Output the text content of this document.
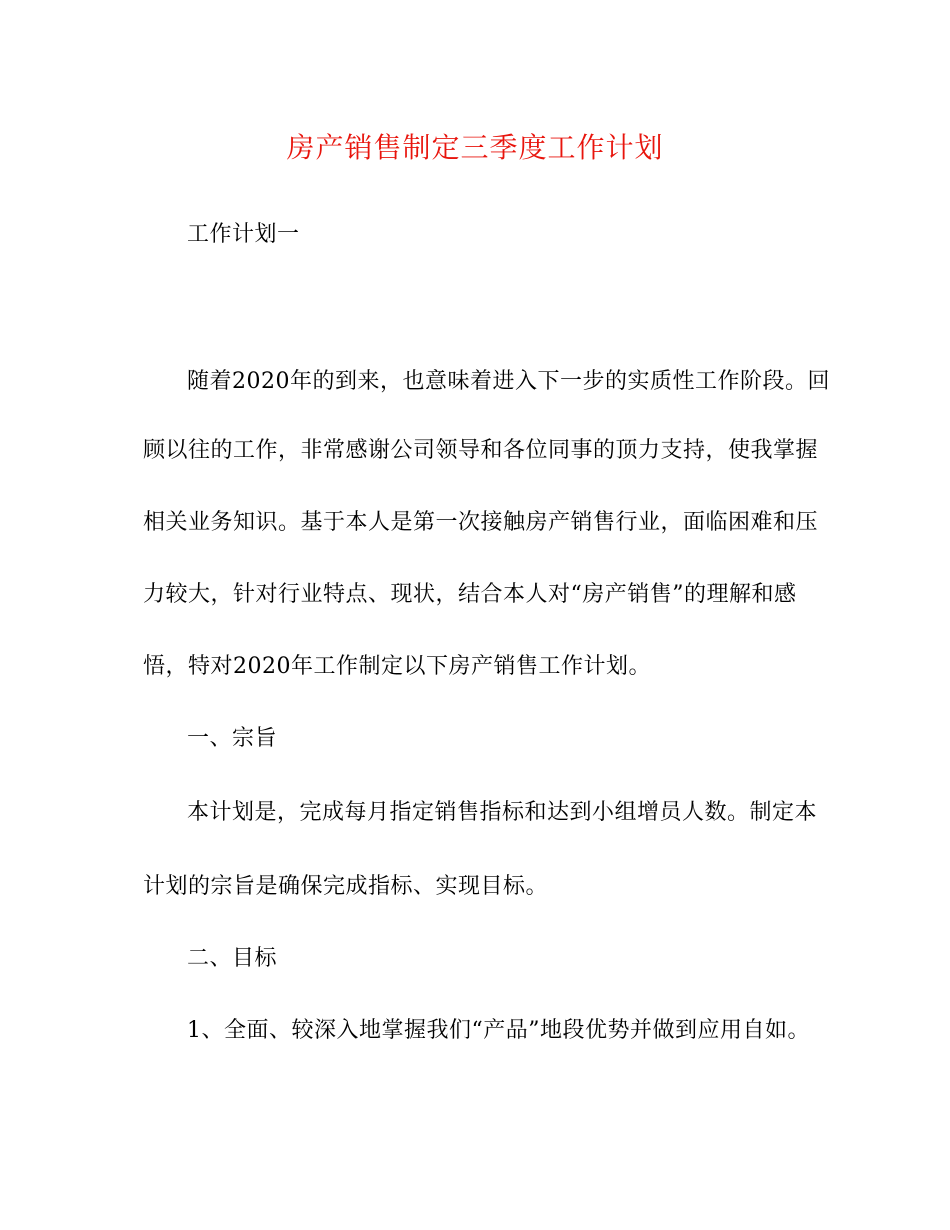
房产销售制定三季度工作计划
工作计划一
随着2020年的到来，也意味着进入下一步的实质性工作阶段。回
顾以往的工作，非常感谢公司领导和各位同事的顶力支持，使我掌握
相关业务知识。基于本人是第一次接触房产销售行业，面临困难和压
力较大，针对行业特点、现状，结合本人对“房产销售”的理解和感
悟，特对2020年工作制定以下房产销售工作计划。
一、宗旨
本计划是，完成每月指定销售指标和达到小组增员人数。制定本
计划的宗旨是确保完成指标、实现目标。
二、目标
1、全面、较深入地掌握我们“产品”地段优势并做到应用自如。
